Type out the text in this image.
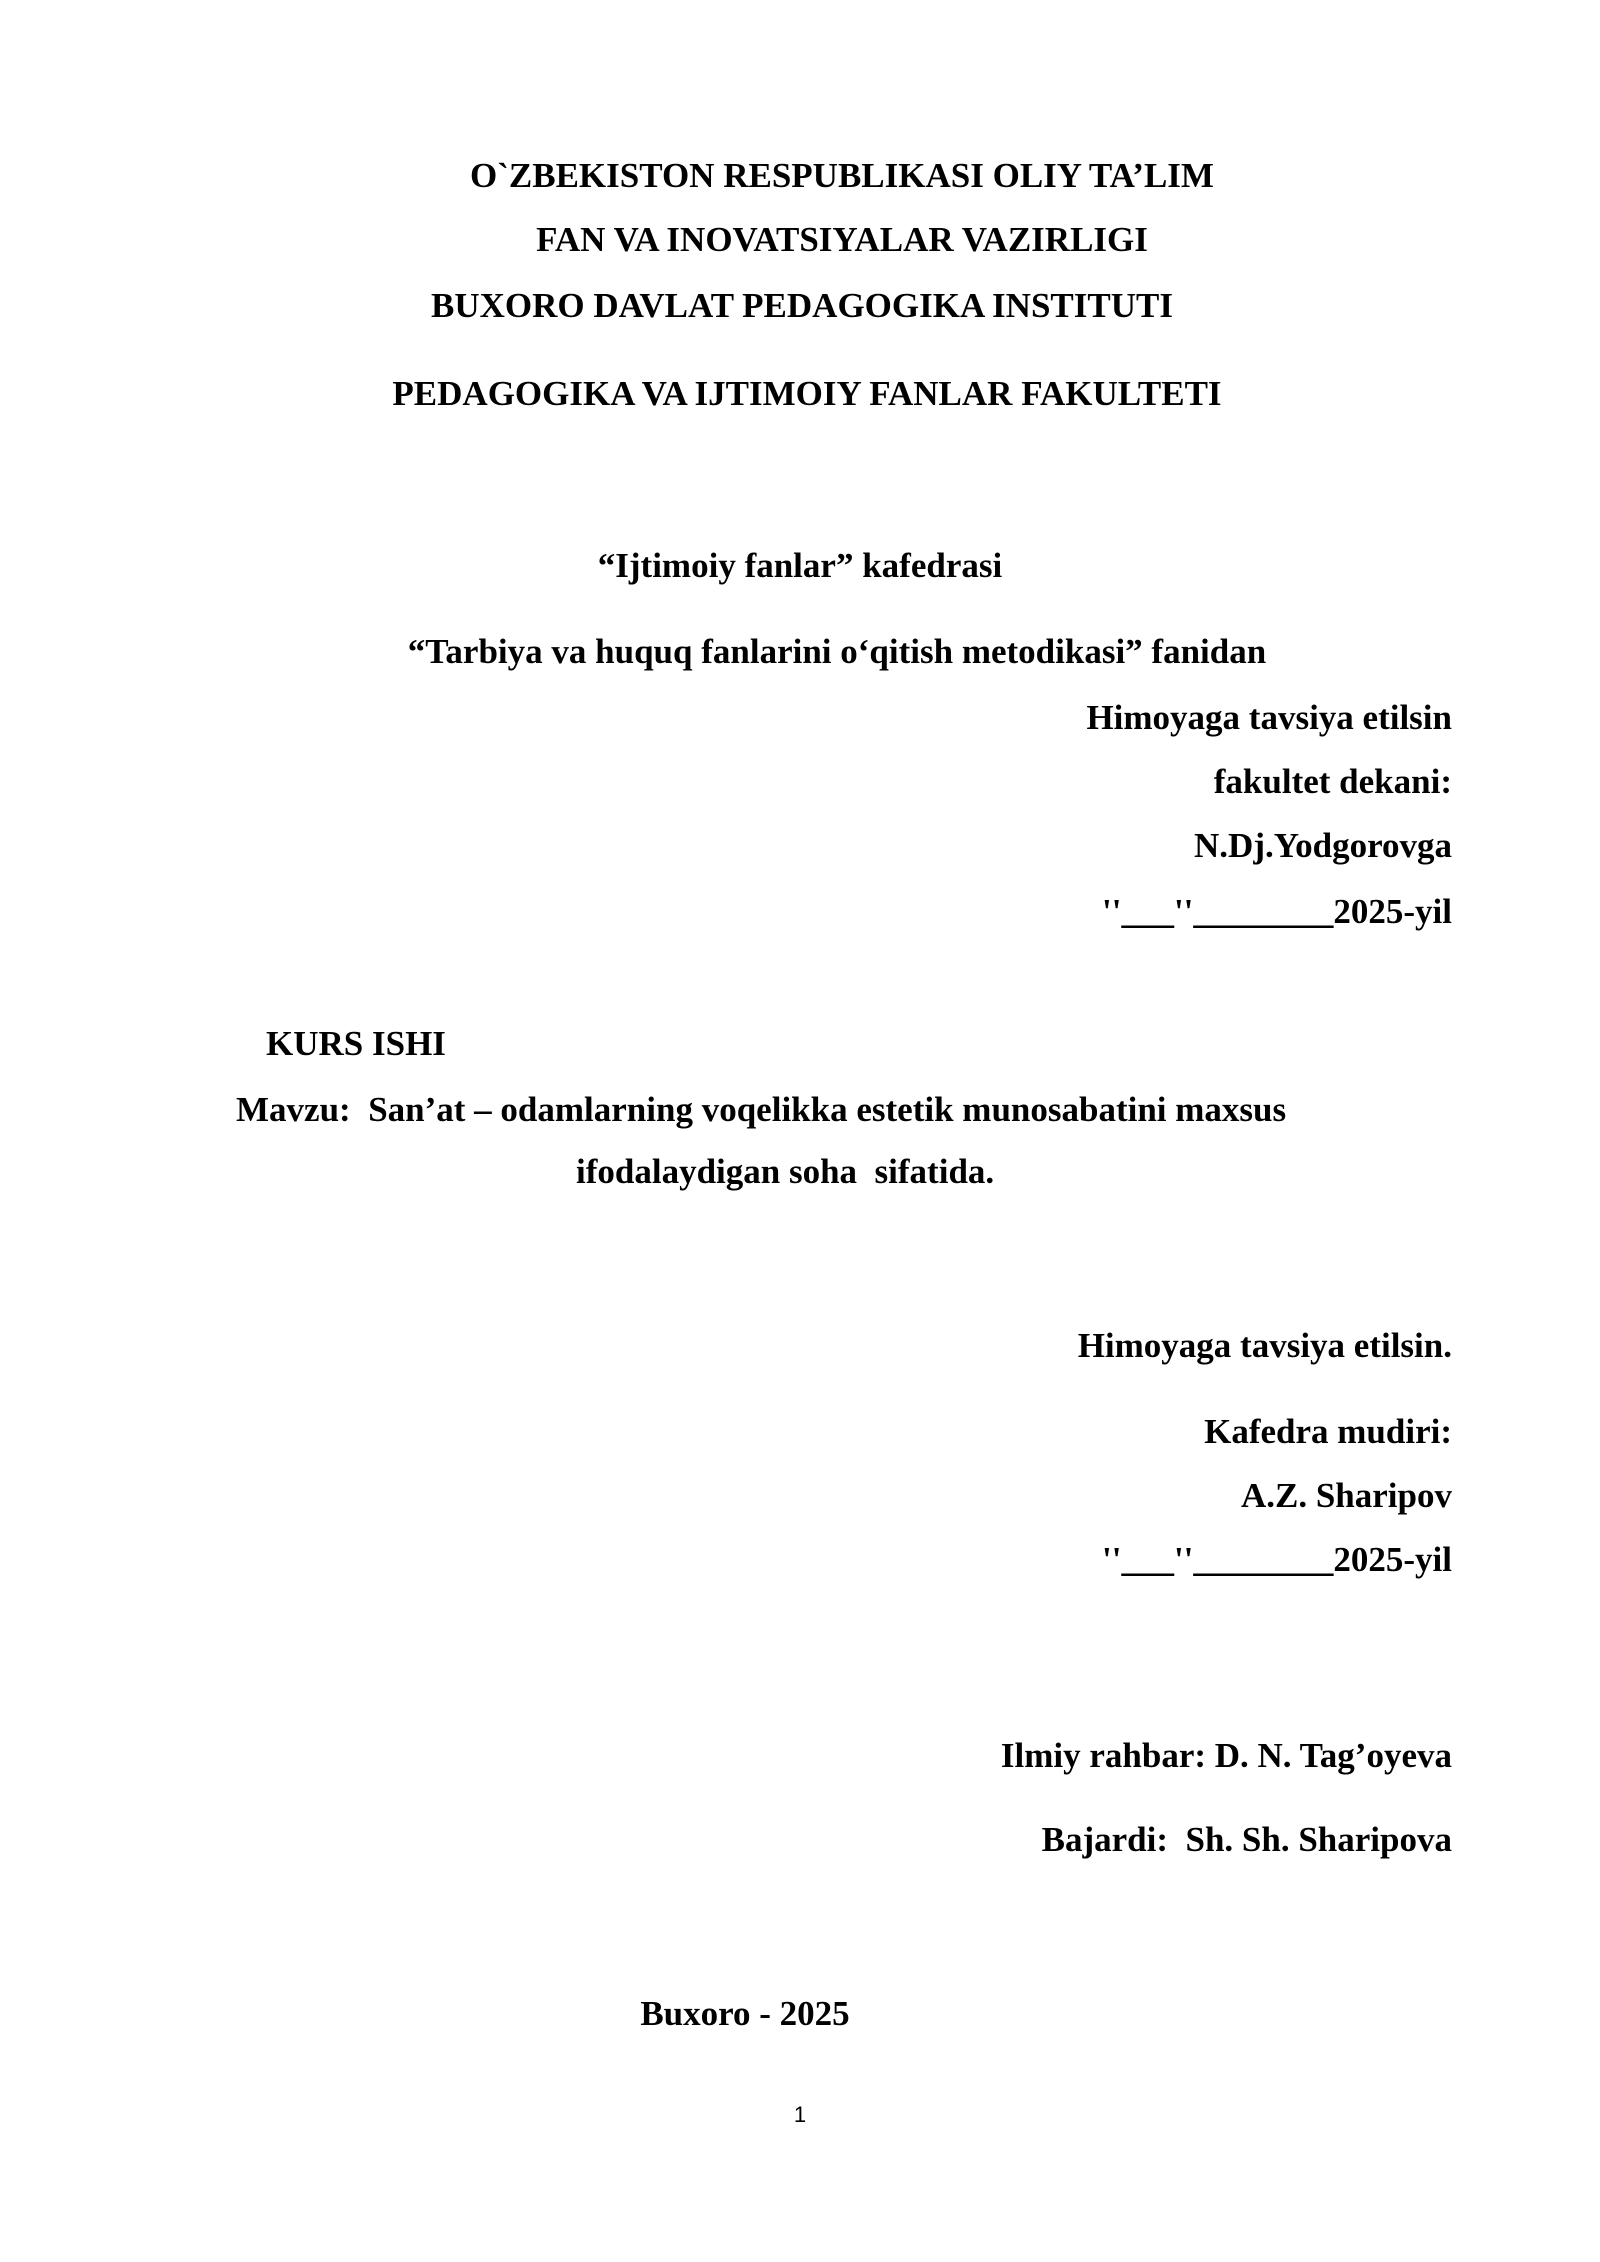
O`ZBEKISTON RESPUBLIKASI OLIY TA’LIM
FAN VA INOVATSIYALAR VAZIRLIGI
BUXORO DAVLAT PEDAGOGIKA INSTITUTI
PEDAGOGIKA VA IJTIMOIY FANLAR FAKULTETI
“Ijtimoiy fanlar” kafedrasi
“Tarbiya va huquq fanlarini o‘qitish metodikasi” fanidan
Himoyaga tavsiya etilsin
fakultet dekani:
N.Dj.Yodgorovga
''___''________2025-yil
KURS ISHI
Mavzu:  San’at – odamlarning voqelikka estetik munosabatini maxsus
ifodalaydigan soha  sifatida.
Himoyaga tavsiya etilsin.
Kafedra mudiri:
A.Z. Sharipov
''___''________2025-yil
Ilmiy rahbar: D. N. Tag’oyeva
Bajardi:  Sh. Sh. Sharipova
Buxoro - 2025
1
